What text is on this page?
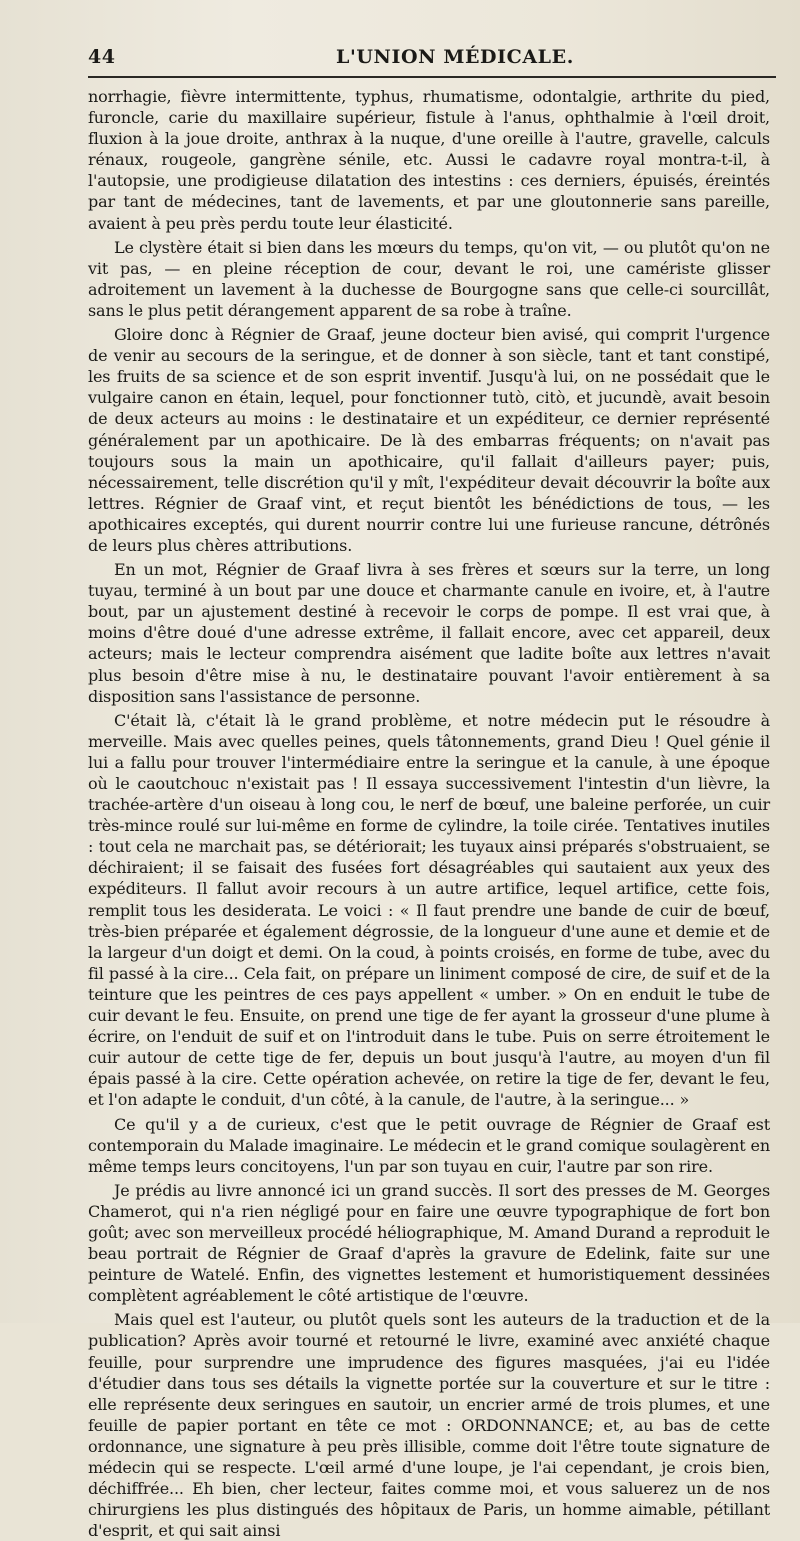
44	L'UNION MÉDICALE.

norrhagie, fièvre intermittente, typhus, rhumatisme, odontalgie, arthrite du pied, furoncle, carie du maxillaire supérieur, fistule à l'anus, ophthalmie à l'œil droit, fluxion à la joue droite, anthrax à la nuque, d'une oreille à l'autre, gravelle, calculs rénaux, rougeole, gangrène sénile, etc. Aussi le cadavre royal montra-t-il, à l'autopsie, une prodigieuse dilatation des intestins : ces derniers, épuisés, éreintés par tant de médecines, tant de lavements, et par une gloutonnerie sans pareille, avaient à peu près perdu toute leur élasticité.

Le clystère était si bien dans les mœurs du temps, qu'on vit, — ou plutôt qu'on ne vit pas, — en pleine réception de cour, devant le roi, une camériste glisser adroitement un lavement à la duchesse de Bourgogne sans que celle-ci sourcillât, sans le plus petit dérangement apparent de sa robe à traîne.

Gloire donc à Régnier de Graaf, jeune docteur bien avisé, qui comprit l'urgence de venir au secours de la seringue, et de donner à son siècle, tant et tant constipé, les fruits de sa science et de son esprit inventif. Jusqu'à lui, on ne possédait que le vulgaire canon en étain, lequel, pour fonctionner tutò, citò, et jucundè, avait besoin de deux acteurs au moins : le destinataire et un expéditeur, ce dernier représenté généralement par un apothicaire. De là des embarras fréquents; on n'avait pas toujours sous la main un apothicaire, qu'il fallait d'ailleurs payer; puis, nécessairement, telle discrétion qu'il y mît, l'expéditeur devait découvrir la boîte aux lettres. Régnier de Graaf vint, et reçut bientôt les bénédictions de tous, — les apothicaires exceptés, qui durent nourrir contre lui une furieuse rancune, détrônés de leurs plus chères attributions.

En un mot, Régnier de Graaf livra à ses frères et sœurs sur la terre, un long tuyau, terminé à un bout par une douce et charmante canule en ivoire, et, à l'autre bout, par un ajustement destiné à recevoir le corps de pompe. Il est vrai que, à moins d'être doué d'une adresse extrême, il fallait encore, avec cet appareil, deux acteurs; mais le lecteur comprendra aisément que ladite boîte aux lettres n'avait plus besoin d'être mise à nu, le destinataire pouvant l'avoir entièrement à sa disposition sans l'assistance de personne.

C'était là, c'était là le grand problème, et notre médecin put le résoudre à merveille. Mais avec quelles peines, quels tâtonnements, grand Dieu ! Quel génie il lui a fallu pour trouver l'intermédiaire entre la seringue et la canule, à une époque où le caoutchouc n'existait pas ! Il essaya successivement l'intestin d'un lièvre, la trachée-artère d'un oiseau à long cou, le nerf de bœuf, une baleine perforée, un cuir très-mince roulé sur lui-même en forme de cylindre, la toile cirée. Tentatives inutiles : tout cela ne marchait pas, se détériorait; les tuyaux ainsi préparés s'obstruaient, se déchiraient; il se faisait des fusées fort désagréables qui sautaient aux yeux des expéditeurs. Il fallut avoir recours à un autre artifice, lequel artifice, cette fois, remplit tous les desiderata. Le voici : « Il faut prendre une bande de cuir de bœuf, très-bien préparée et également dégrossie, de la longueur d'une aune et demie et de la largeur d'un doigt et demi. On la coud, à points croisés, en forme de tube, avec du fil passé à la cire... Cela fait, on prépare un liniment composé de cire, de suif et de la teinture que les peintres de ces pays appellent « umber. » On en enduit le tube de cuir devant le feu. Ensuite, on prend une tige de fer ayant la grosseur d'une plume à écrire, on l'enduit de suif et on l'introduit dans le tube. Puis on serre étroitement le cuir autour de cette tige de fer, depuis un bout jusqu'à l'autre, au moyen d'un fil épais passé à la cire. Cette opération achevée, on retire la tige de fer, devant le feu, et l'on adapte le conduit, d'un côté, à la canule, de l'autre, à la seringue... »

Ce qu'il y a de curieux, c'est que le petit ouvrage de Régnier de Graaf est contemporain du Malade imaginaire. Le médecin et le grand comique soulagèrent en même temps leurs concitoyens, l'un par son tuyau en cuir, l'autre par son rire.

Je prédis au livre annoncé ici un grand succès. Il sort des presses de M. Georges Chamerot, qui n'a rien négligé pour en faire une œuvre typographique de fort bon goût; avec son merveilleux procédé héliographique, M. Amand Durand a reproduit le beau portrait de Régnier de Graaf d'après la gravure de Edelink, faite sur une peinture de Watelé. Enfin, des vignettes lestement et humoristiquement dessinées complètent agréablement le côté artistique de l'œuvre.

Mais quel est l'auteur, ou plutôt quels sont les auteurs de la traduction et de la publication? Après avoir tourné et retourné le livre, examiné avec anxiété chaque feuille, pour surprendre une imprudence des figures masquées, j'ai eu l'idée d'étudier dans tous ses détails la vignette portée sur la couverture et sur le titre : elle représente deux seringues en sautoir, un encrier armé de trois plumes, et une feuille de papier portant en tête ce mot : ORDONNANCE; et, au bas de cette ordonnance, une signature à peu près illisible, comme doit l'être toute signature de médecin qui se respecte. L'œil armé d'une loupe, je l'ai cependant, je crois bien, déchiffrée... Eh bien, cher lecteur, faites comme moi, et vous saluerez un de nos chirurgiens les plus distingués des hôpitaux de Paris, un homme aimable, pétillant d'esprit, et qui sait ainsi
